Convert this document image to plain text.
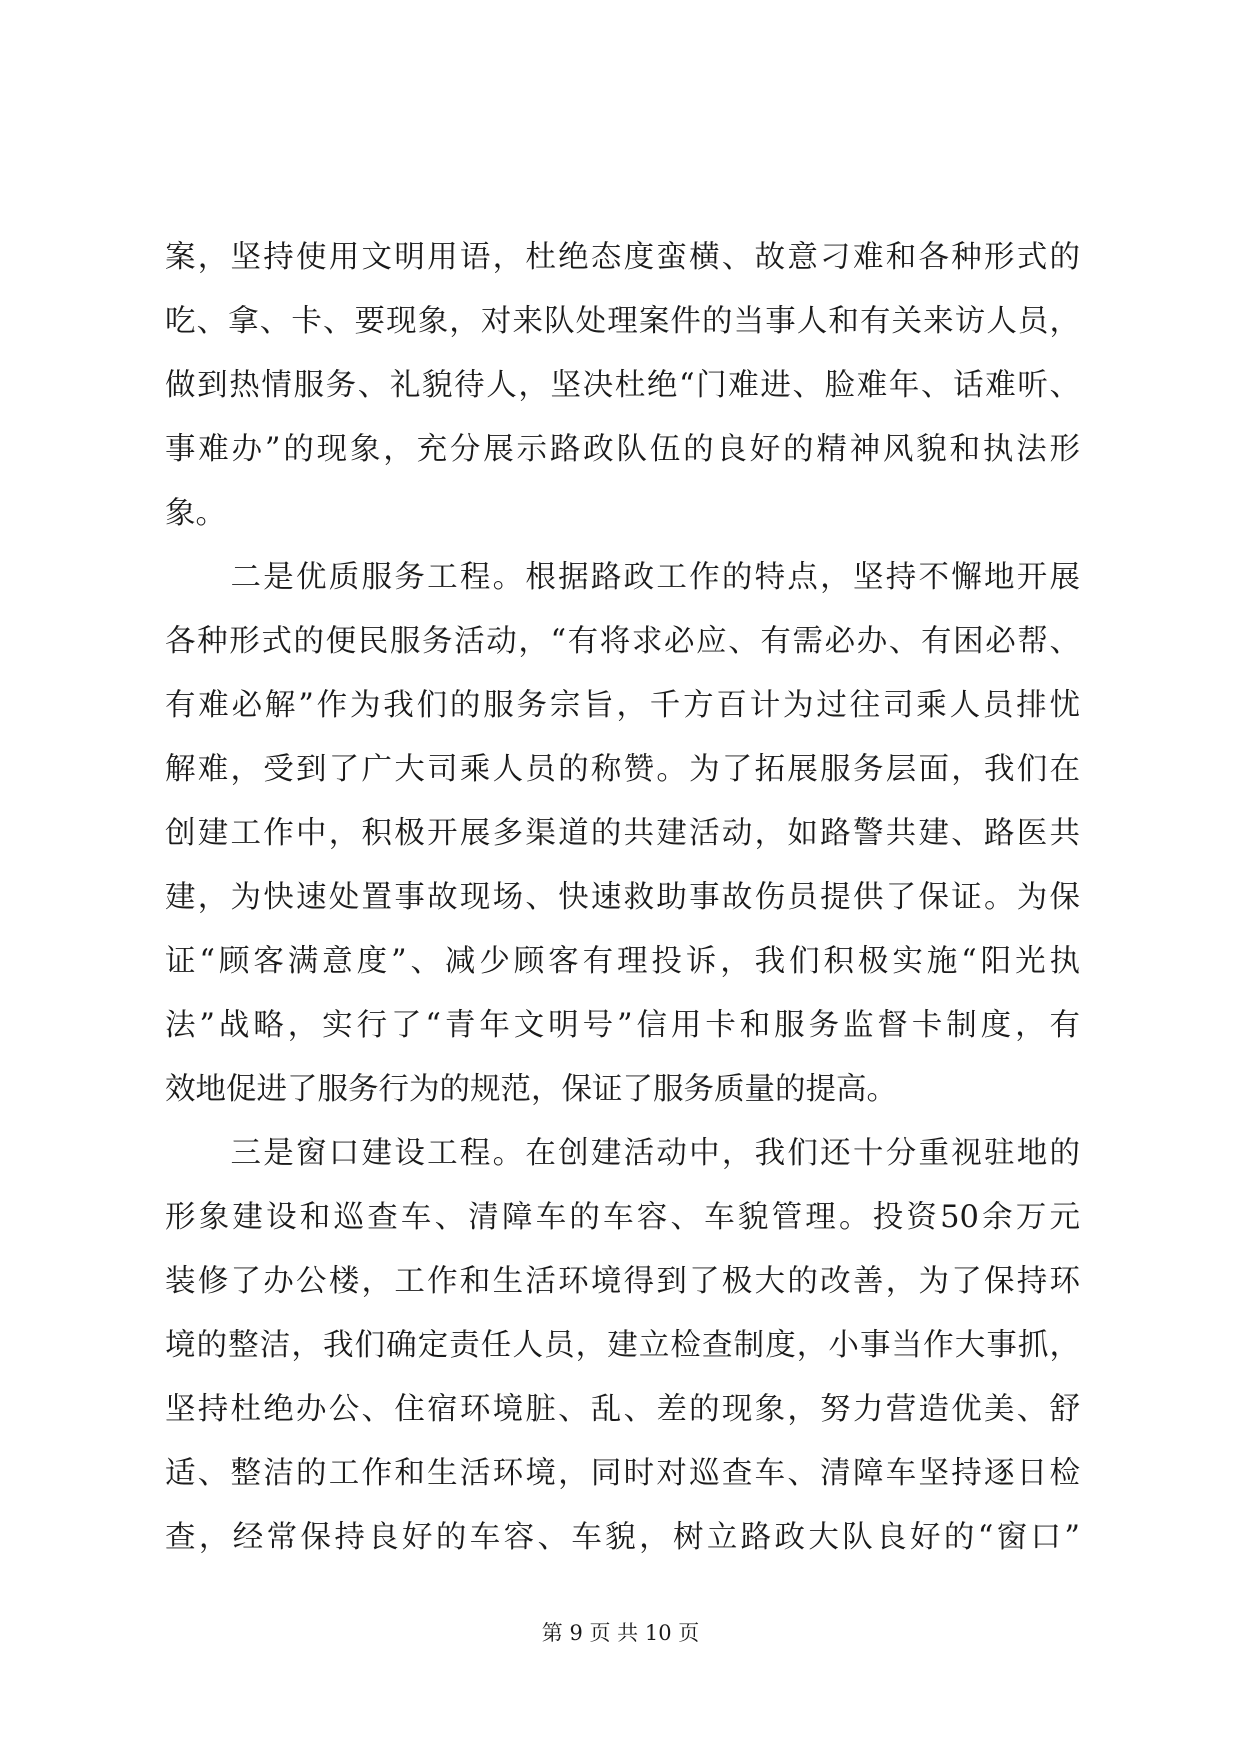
案，坚持使用文明用语，杜绝态度蛮横、故意刁难和各种形式的
吃、拿、卡、要现象，对来队处理案件的当事人和有关来访人员，
做到热情服务、礼貌待人，坚决杜绝“门难进、脸难年、话难听、
事难办”的现象，充分展示路政队伍的良好的精神风貌和执法形
象。
　　二是优质服务工程。根据路政工作的特点，坚持不懈地开展
各种形式的便民服务活动，“有将求必应、有需必办、有困必帮、
有难必解”作为我们的服务宗旨，千方百计为过往司乘人员排忧
解难，受到了广大司乘人员的称赞。为了拓展服务层面，我们在
创建工作中，积极开展多渠道的共建活动，如路警共建、路医共
建，为快速处置事故现场、快速救助事故伤员提供了保证。为保
证“顾客满意度”、减少顾客有理投诉，我们积极实施“阳光执
法”战略，实行了“青年文明号”信用卡和服务监督卡制度，有
效地促进了服务行为的规范，保证了服务质量的提高。
　　三是窗口建设工程。在创建活动中，我们还十分重视驻地的
形象建设和巡查车、清障车的车容、车貌管理。投资50余万元
装修了办公楼，工作和生活环境得到了极大的改善，为了保持环
境的整洁，我们确定责任人员，建立检查制度，小事当作大事抓，
坚持杜绝办公、住宿环境脏、乱、差的现象，努力营造优美、舒
适、整洁的工作和生活环境，同时对巡查车、清障车坚持逐日检
查，经常保持良好的车容、车貌，树立路政大队良好的“窗口”
第 9 页 共 10 页
